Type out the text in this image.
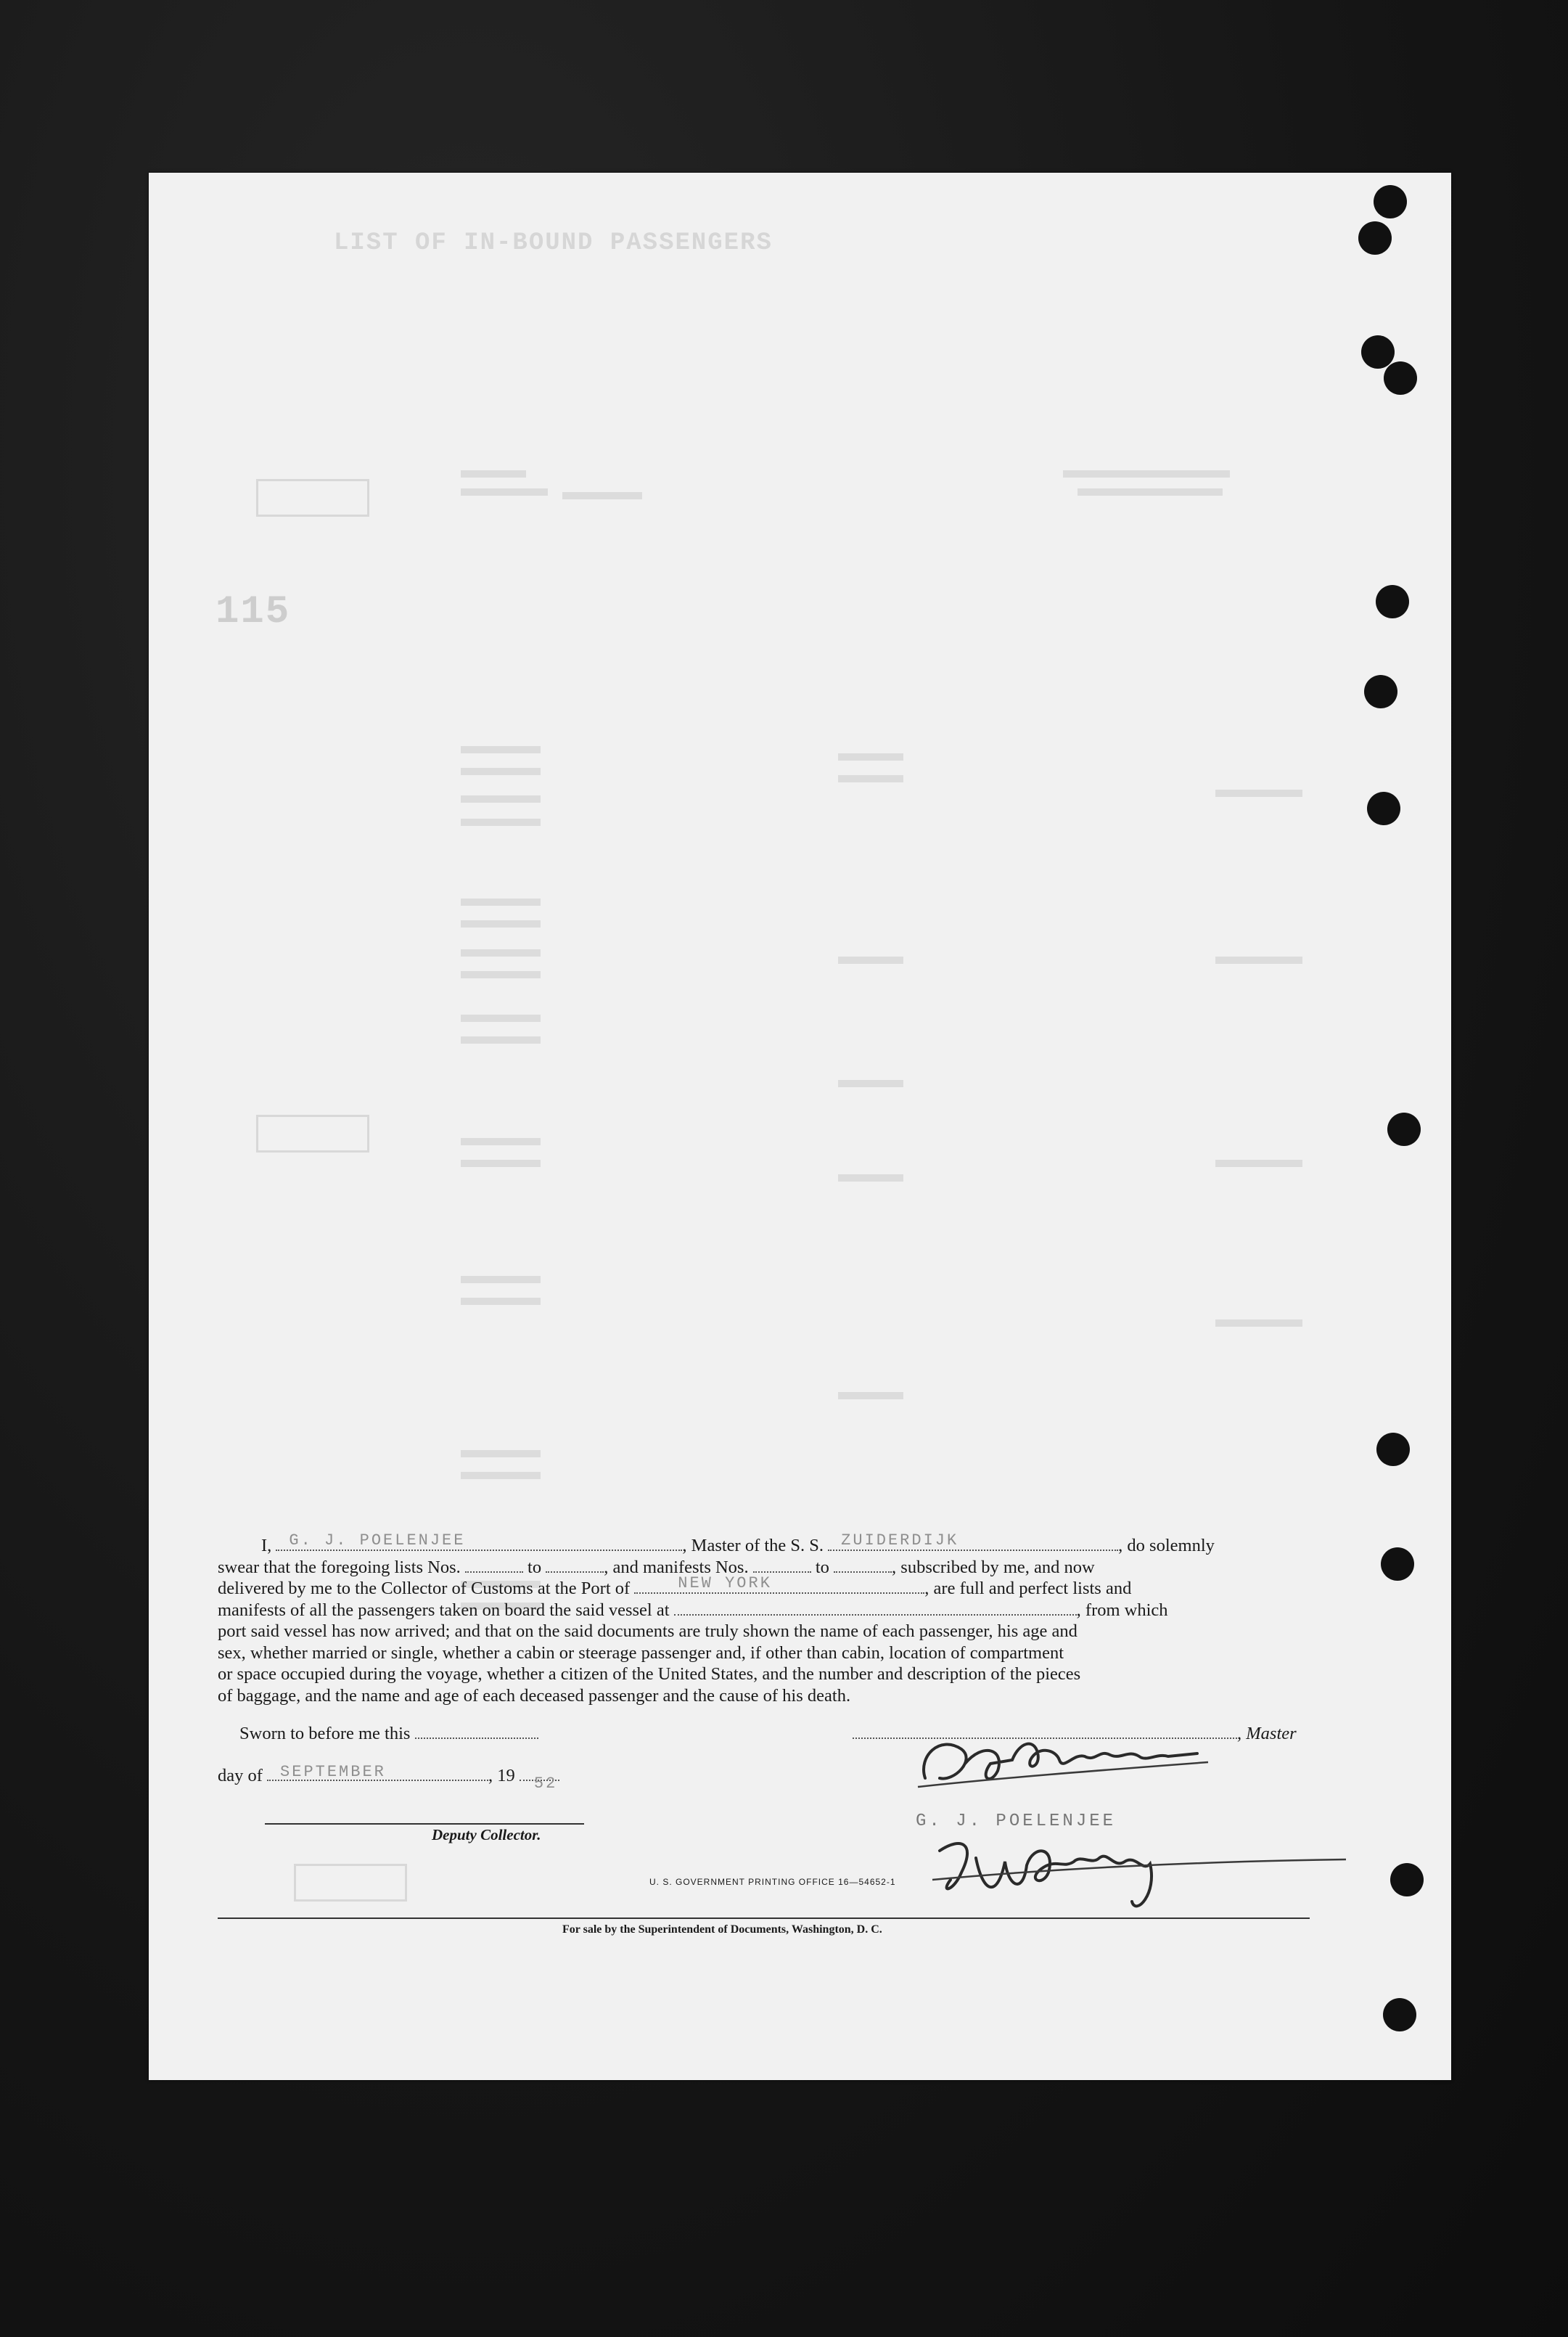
LIST OF IN-BOUND PASSENGERS
115
I, G. J. POELENJEE	, Master of the S. S. ZUIDERDIJK	, do solemnly
swear that the foregoing lists Nos.	to	, and manifests Nos.	to	, subscribed by me, and now
delivered by me to the Collector of Customs at the Port of	NEW YORK	, are full and perfect lists and
manifests of all the passengers taken on board the said vessel at	, from which
port said vessel has now arrived; and that on the said documents are truly shown the name of each passenger, his age and
sex, whether married or single, whether a cabin or steerage passenger and, if other than cabin, location of compartment
or space occupied during the voyage, whether a citizen of the United States, and the number and description of the pieces
of baggage, and the name and age of each deceased passenger and the cause of his death.
Sworn to before me this	, Master
day of SEPTEMBER	, 19 52
Deputy Collector.
G. J. POELENJEE
U. S. GOVERNMENT PRINTING OFFICE 16—54652-1
For sale by the Superintendent of Documents, Washington, D. C.
